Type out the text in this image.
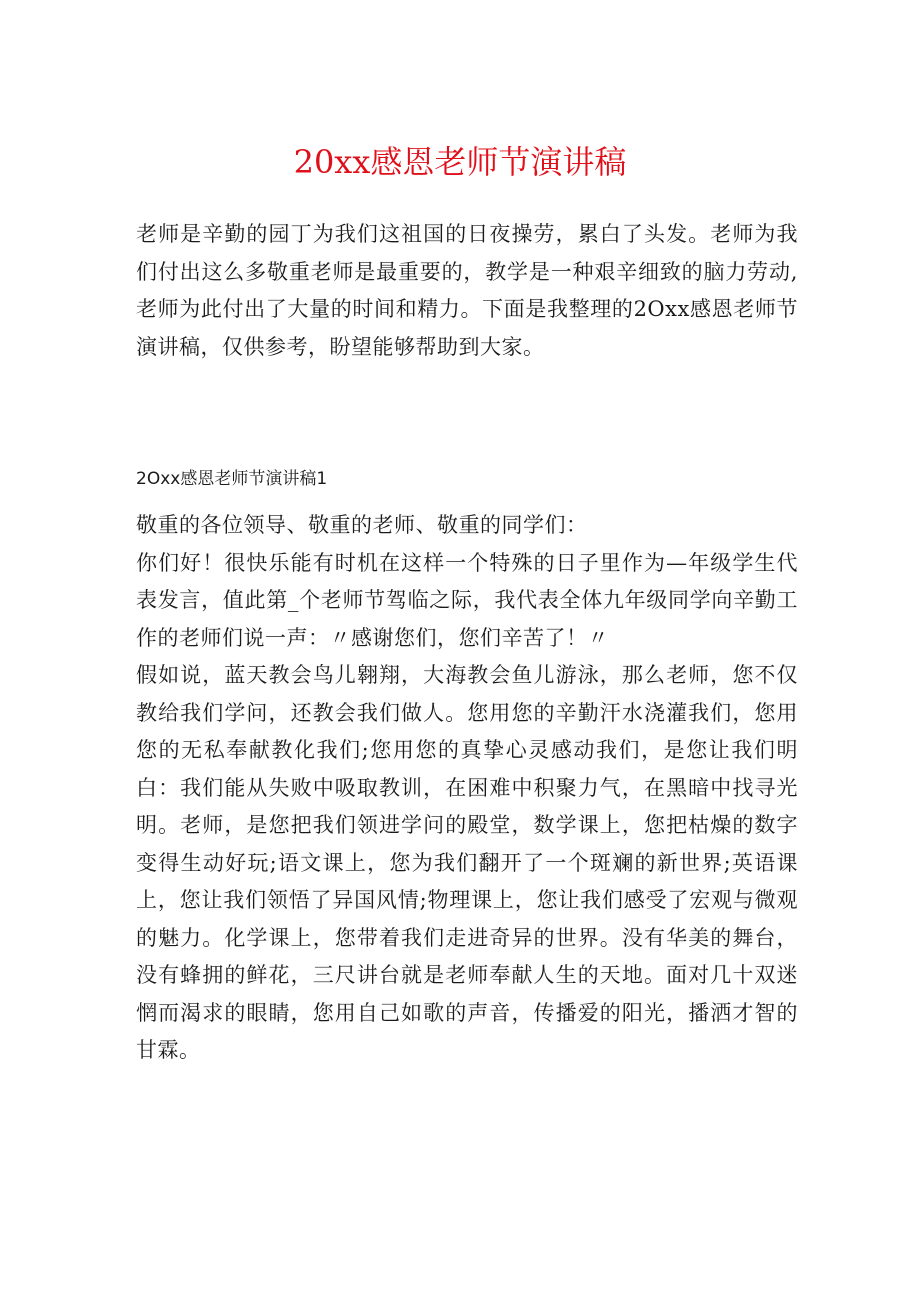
20xx感恩老师节演讲稿

老师是辛勤的园丁为我们这祖国的日夜操劳，累白了头发。老师为我们付出这么多敬重老师是最重要的，教学是一种艰辛细致的脑力劳动,老师为此付出了大量的时间和精力。下面是我整理的2Oxx感恩老师节演讲稿，仅供参考，盼望能够帮助到大家。

2Oxx感恩老师节演讲稿1

敬重的各位领导、敬重的老师、敬重的同学们：

你们好！很快乐能有时机在这样一个特殊的日子里作为—年级学生代表发言，值此第_个老师节驾临之际，我代表全体九年级同学向辛勤工作的老师们说一声：〃感谢您们，您们辛苦了！〃

假如说，蓝天教会鸟儿翱翔，大海教会鱼儿游泳，那么老师，您不仅教给我们学问，还教会我们做人。您用您的辛勤汗水浇灌我们，您用您的无私奉献教化我们;您用您的真挚心灵感动我们，是您让我们明白：我们能从失败中吸取教训，在困难中积聚力气，在黑暗中找寻光明。老师，是您把我们领进学问的殿堂，数学课上，您把枯燥的数字变得生动好玩;语文课上，您为我们翻开了一个斑斓的新世界;英语课上，您让我们领悟了异国风情;物理课上，您让我们感受了宏观与微观的魅力。化学课上，您带着我们走进奇异的世界。没有华美的舞台，没有蜂拥的鲜花，三尺讲台就是老师奉献人生的天地。面对几十双迷惘而渴求的眼睛，您用自己如歌的声音，传播爱的阳光，播洒才智的甘霖。
